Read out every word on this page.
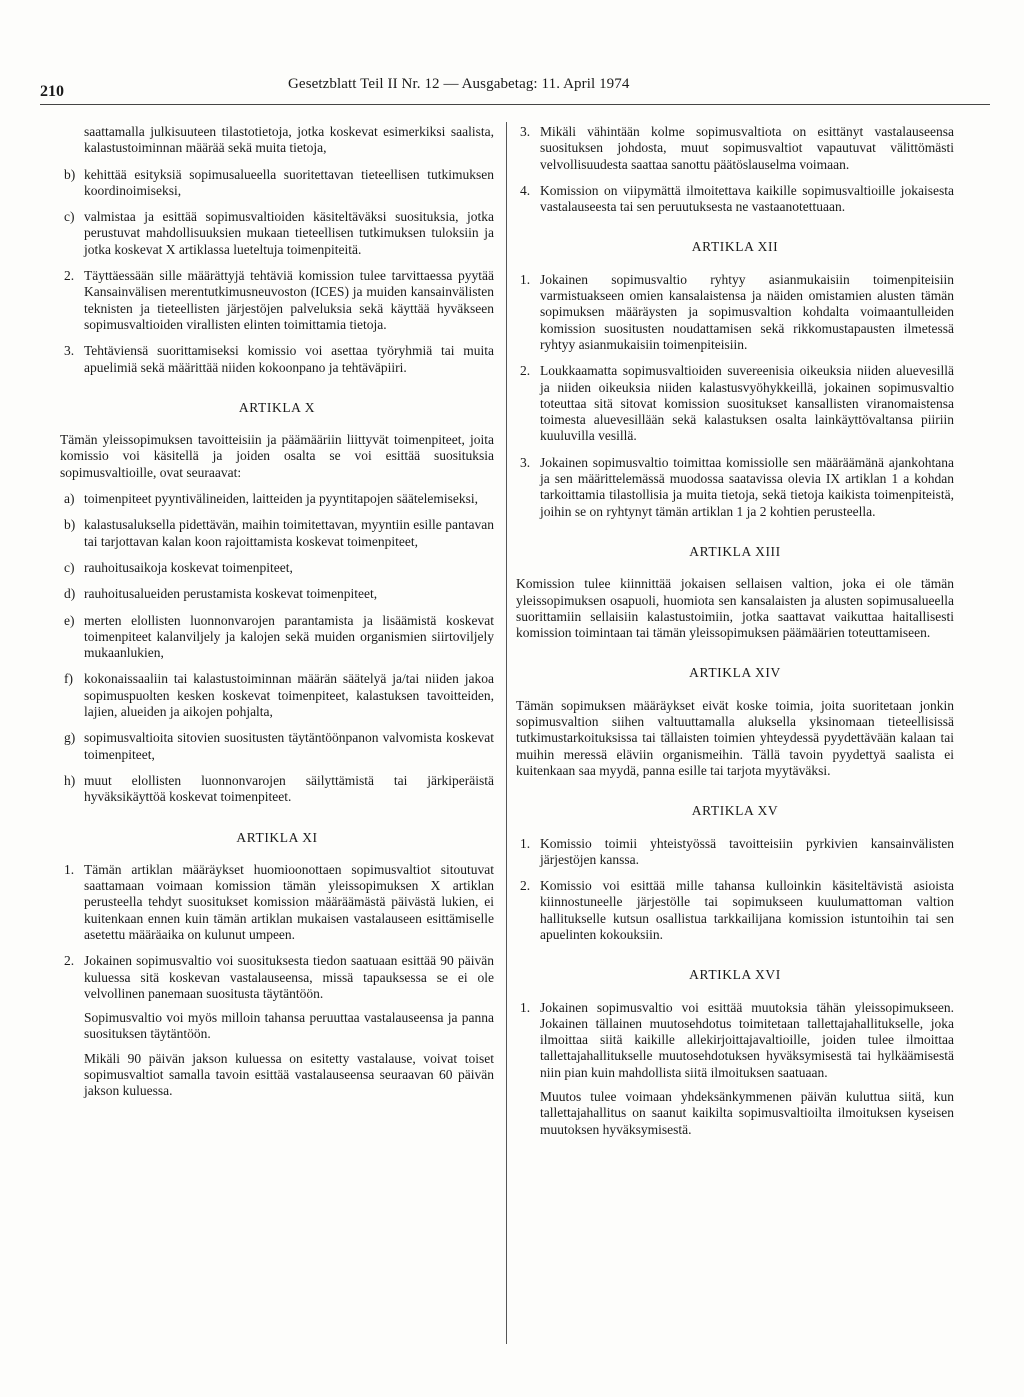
210	Gesetzblatt Teil II Nr. 12 — Ausgabetag: 11. April 1974
saattamalla julkisuuteen tilastotietoja, jotka koskevat esimerkiksi saalista, kalastustoiminnan määrää sekä muita tietoja,
b) kehittää esityksiä sopimusalueella suoritettavan tieteellisen tutkimuksen koordinoimiseksi,
c) valmistaa ja esittää sopimusvaltioiden käsiteltäväksi suosituksia, jotka perustuvat mahdollisuuksien mukaan tieteellisen tutkimuksen tuloksiin ja jotka koskevat X artiklassa lueteltuja toimenpiteitä.
2. Täyttäessään sille määrättyjä tehtäviä komission tulee tarvittaessa pyytää Kansainvälisen merentutkimusneuvoston (ICES) ja muiden kansainvälisten teknisten ja tieteellisten järjestöjen palveluksia sekä käyttää hyväkseen sopimusvaltioiden virallisten elinten toimittamia tietoja.
3. Tehtäviensä suorittamiseksi komissio voi asettaa työryhmiä tai muita apuelimiä sekä määrittää niiden kokoonpano ja tehtäväpiiri.
ARTIKLA X
Tämän yleissopimuksen tavoitteisiin ja päämääriin liittyvät toimenpiteet, joita komissio voi käsitellä ja joiden osalta se voi esittää suosituksia sopimusvaltioille, ovat seuraavat:
a) toimenpiteet pyyntivälineiden, laitteiden ja pyyntitapojen säätelemiseksi,
b) kalastusaluksella pidettävän, maihin toimitettavan, myyntiin esille pantavan tai tarjottavan kalan koon rajoittamista koskevat toimenpiteet,
c) rauhoitusaikoja koskevat toimenpiteet,
d) rauhoitusalueiden perustamista koskevat toimenpiteet,
e) merten elollisten luonnonvarojen parantamista ja lisäämistä koskevat toimenpiteet kalanviljely ja kalojen sekä muiden organismien siirtoviljely mukaanlukien,
f) kokonaissaaliin tai kalastustoiminnan määrän säätelyä ja/tai niiden jakoa sopimuspuolten kesken koskevat toimenpiteet, kalastuksen tavoitteiden, lajien, alueiden ja aikojen pohjalta,
g) sopimusvaltioita sitovien suositusten täytäntöönpanon valvomista koskevat toimenpiteet,
h) muut elollisten luonnonvarojen säilyttämistä tai järkiperäistä hyväksikäyttöä koskevat toimenpiteet.
ARTIKLA XI
1. Tämän artiklan määräykset huomioonottaen sopimusvaltiot sitoutuvat saattamaan voimaan komission tämän yleissopimuksen X artiklan perusteella tehdyt suositukset komission määräämästä päivästä lukien, ei kuitenkaan ennen kuin tämän artiklan mukaisen vastalauseen esittämiselle asetettu määräaika on kulunut umpeen.
2. Jokainen sopimusvaltio voi suosituksesta tiedon saatuaan esittää 90 päivän kuluessa sitä koskevan vastalauseensa, missä tapauksessa se ei ole velvollinen panemaan suositusta täytäntöön.
Sopimusvaltio voi myös milloin tahansa peruuttaa vastalauseensa ja panna suosituksen täytäntöön.
Mikäli 90 päivän jakson kuluessa on esitetty vastalause, voivat toiset sopimusvaltiot samalla tavoin esittää vastalauseensa seuraavan 60 päivän jakson kuluessa.
3. Mikäli vähintään kolme sopimusvaltiota on esittänyt vastalauseensa suosituksen johdosta, muut sopimusvaltiot vapautuvat välittömästi velvollisuudesta saattaa sanottu päätöslauselma voimaan.
4. Komission on viipymättä ilmoitettava kaikille sopimusvaltioille jokaisesta vastalauseesta tai sen peruutuksesta ne vastaanotettuaan.
ARTIKLA XII
1. Jokainen sopimusvaltio ryhtyy asianmukaisiin toimenpiteisiin varmistuakseen omien kansalaistensa ja näiden omistamien alusten tämän sopimuksen määräysten ja sopimusvaltion kohdalta voimaantulleiden komission suositusten noudattamisen sekä rikkomustapausten ilmetessä ryhtyy asianmukaisiin toimenpiteisiin.
2. Loukkaamatta sopimusvaltioiden suvereenisia oikeuksia niiden aluevesillä ja niiden oikeuksia niiden kalastusvyöhykkeillä, jokainen sopimusvaltio toteuttaa sitä sitovat komission suositukset kansallisten viranomaistensa toimesta aluevesillään sekä kalastuksen osalta lainkäyttövaltansa piiriin kuuluvilla vesillä.
3. Jokainen sopimusvaltio toimittaa komissiolle sen määräämänä ajankohtana ja sen määrittelemässä muodossa saatavissa olevia IX artiklan 1 a kohdan tarkoittamia tilastollisia ja muita tietoja, sekä tietoja kaikista toimenpiteistä, joihin se on ryhtynyt tämän artiklan 1 ja 2 kohtien perusteella.
ARTIKLA XIII
Komission tulee kiinnittää jokaisen sellaisen valtion, joka ei ole tämän yleissopimuksen osapuoli, huomiota sen kansalaisten ja alusten sopimusalueella suorittamiin sellaisiin kalastustoimiin, jotka saattavat vaikuttaa haitallisesti komission toimintaan tai tämän yleissopimuksen päämäärien toteuttamiseen.
ARTIKLA XIV
Tämän sopimuksen määräykset eivät koske toimia, joita suoritetaan jonkin sopimusvaltion siihen valtuuttamalla aluksella yksinomaan tieteellisissä tutkimustarkoituksissa tai tällaisten toimien yhteydessä pyydettävään kalaan tai muihin meressä eläviin organismeihin. Tällä tavoin pyydettyä saalista ei kuitenkaan saa myydä, panna esille tai tarjota myytäväksi.
ARTIKLA XV
1. Komissio toimii yhteistyössä tavoitteisiin pyrkivien kansainvälisten järjestöjen kanssa.
2. Komissio voi esittää mille tahansa kulloinkin käsiteltävistä asioista kiinnostuneelle järjestölle tai sopimukseen kuulumattoman valtion hallitukselle kutsun osallistua tarkkailijana komission istuntoihin tai sen apuelinten kokouksiin.
ARTIKLA XVI
1. Jokainen sopimusvaltio voi esittää muutoksia tähän yleissopimukseen. Jokainen tällainen muutosehdotus toimitetaan tallettajahallitukselle, joka ilmoittaa siitä kaikille allekirjoittajavaltioille, joiden tulee ilmoittaa tallettajahallitukselle muutosehdotuksen hyväksymisestä tai hylkäämisestä niin pian kuin mahdollista siitä ilmoituksen saatuaan.
Muutos tulee voimaan yhdeksänkymmenen päivän kuluttua siitä, kun tallettajahallitus on saanut kaikilta sopimusvaltioilta ilmoituksen kyseisen muutoksen hyväksymisestä.
